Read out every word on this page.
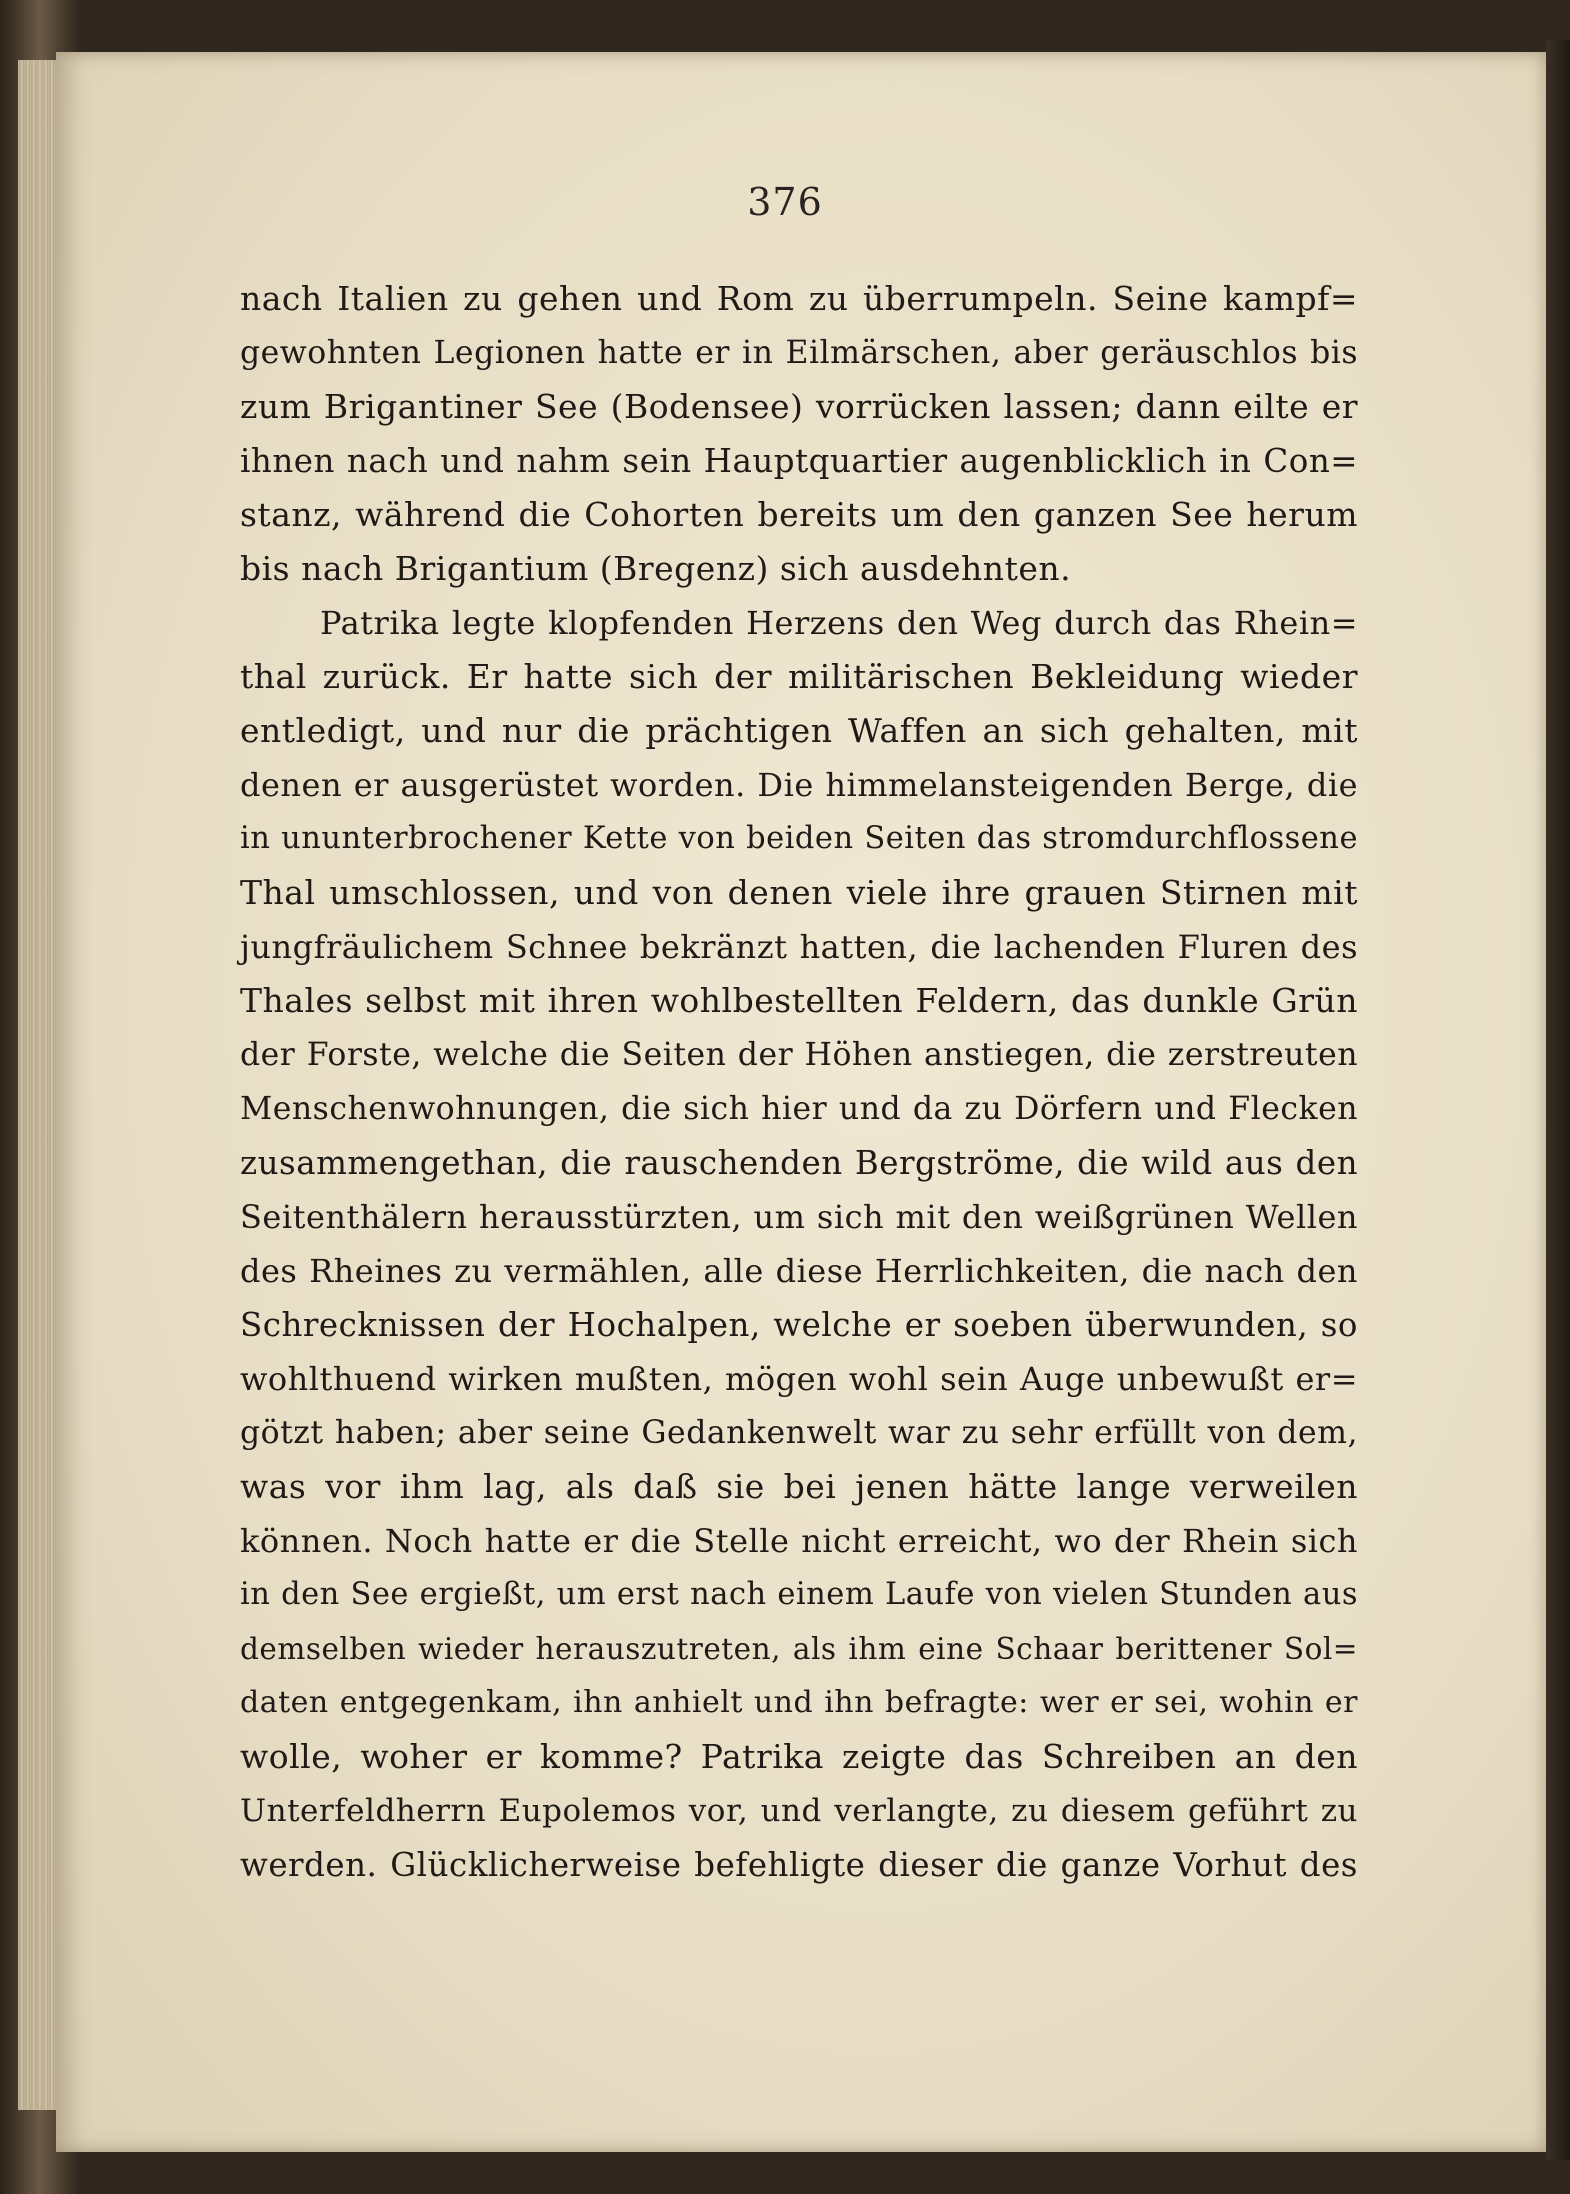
376
nach Italien zu gehen und Rom zu überrumpeln. Seine kampf=
gewohnten Legionen hatte er in Eilmärschen, aber geräuschlos bis
zum Brigantiner See (Bodensee) vorrücken lassen; dann eilte er
ihnen nach und nahm sein Hauptquartier augenblicklich in Con=
stanz, während die Cohorten bereits um den ganzen See herum
bis nach Brigantium (Bregenz) sich ausdehnten.
Patrika legte klopfenden Herzens den Weg durch das Rhein=
thal zurück. Er hatte sich der militärischen Bekleidung wieder
entledigt, und nur die prächtigen Waffen an sich gehalten, mit
denen er ausgerüstet worden. Die himmelansteigenden Berge, die
in ununterbrochener Kette von beiden Seiten das stromdurchflossene
Thal umschlossen, und von denen viele ihre grauen Stirnen mit
jungfräulichem Schnee bekränzt hatten, die lachenden Fluren des
Thales selbst mit ihren wohlbestellten Feldern, das dunkle Grün
der Forste, welche die Seiten der Höhen anstiegen, die zerstreuten
Menschenwohnungen, die sich hier und da zu Dörfern und Flecken
zusammengethan, die rauschenden Bergströme, die wild aus den
Seitenthälern herausstürzten, um sich mit den weißgrünen Wellen
des Rheines zu vermählen, alle diese Herrlichkeiten, die nach den
Schrecknissen der Hochalpen, welche er soeben überwunden, so
wohlthuend wirken mußten, mögen wohl sein Auge unbewußt er=
götzt haben; aber seine Gedankenwelt war zu sehr erfüllt von dem,
was vor ihm lag, als daß sie bei jenen hätte lange verweilen
können. Noch hatte er die Stelle nicht erreicht, wo der Rhein sich
in den See ergießt, um erst nach einem Laufe von vielen Stunden aus
demselben wieder herauszutreten, als ihm eine Schaar berittener Sol=
daten entgegenkam, ihn anhielt und ihn befragte: wer er sei, wohin er
wolle, woher er komme? Patrika zeigte das Schreiben an den
Unterfeldherrn Eupolemos vor, und verlangte, zu diesem geführt zu
werden. Glücklicherweise befehligte dieser die ganze Vorhut des
